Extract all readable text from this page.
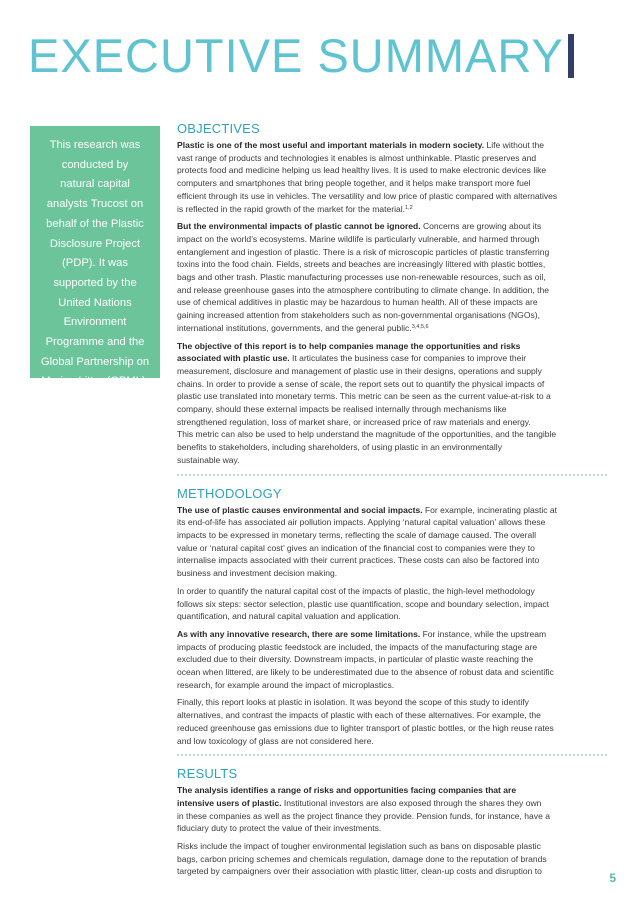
EXECUTIVE SUMMARY
This research was
conducted by
natural capital
analysts Trucost on
behalf of the Plastic
Disclosure Project
(PDP). It was
supported by the
United Nations
Environment
Programme and the
Global Partnership on
Marine Litter (GPML).
OBJECTIVES
Plastic is one of the most useful and important materials in modern society. Life without the
vast range of products and technologies it enables is almost unthinkable. Plastic preserves and
protects food and medicine helping us lead healthy lives. It is used to make electronic devices like
computers and smartphones that bring people together, and it helps make transport more fuel
efficient through its use in vehicles. The versatility and low price of plastic compared with alternatives
is reflected in the rapid growth of the market for the material.$^{1,2}$
But the environmental impacts of plastic cannot be ignored. Concerns are growing about its
impact on the world’s ecosystems. Marine wildlife is particularly vulnerable, and harmed through
entanglement and ingestion of plastic. There is a risk of microscopic particles of plastic transferring
toxins into the food chain. Fields, streets and beaches are increasingly littered with plastic bottles,
bags and other trash. Plastic manufacturing processes use non-renewable resources, such as oil,
and release greenhouse gases into the atmosphere contributing to climate change. In addition, the
use of chemical additives in plastic may be hazardous to human health. All of these impacts are
gaining increased attention from stakeholders such as non-governmental organisations (NGOs),
international institutions, governments, and the general public.$^{3,4,5,6}$
The objective of this report is to help companies manage the opportunities and risks
associated with plastic use. It articulates the business case for companies to improve their
measurement, disclosure and management of plastic use in their designs, operations and supply
chains. In order to provide a sense of scale, the report sets out to quantify the physical impacts of
plastic use translated into monetary terms. This metric can be seen as the current value-at-risk to a
company, should these external impacts be realised internally through mechanisms like
strengthened regulation, loss of market share, or increased price of raw materials and energy.
This metric can also be used to help understand the magnitude of the opportunities, and the tangible
benefits to stakeholders, including shareholders, of using plastic in an environmentally
sustainable way.
METHODOLOGY
The use of plastic causes environmental and social impacts. For example, incinerating plastic at
its end-of-life has associated air pollution impacts. Applying ‘natural capital valuation’ allows these
impacts to be expressed in monetary terms, reflecting the scale of damage caused. The overall
value or ‘natural capital cost’ gives an indication of the financial cost to companies were they to
internalise impacts associated with their current practices. These costs can also be factored into
business and investment decision making.
In order to quantify the natural capital cost of the impacts of plastic, the high-level methodology
follows six steps: sector selection, plastic use quantification, scope and boundary selection, impact
quantification, and natural capital valuation and application.
As with any innovative research, there are some limitations. For instance, while the upstream
impacts of producing plastic feedstock are included, the impacts of the manufacturing stage are
excluded due to their diversity. Downstream impacts, in particular of plastic waste reaching the
ocean when littered, are likely to be underestimated due to the absence of robust data and scientific
research, for example around the impact of microplastics.
Finally, this report looks at plastic in isolation. It was beyond the scope of this study to identify
alternatives, and contrast the impacts of plastic with each of these alternatives. For example, the
reduced greenhouse gas emissions due to lighter transport of plastic bottles, or the high reuse rates
and low toxicology of glass are not considered here.
RESULTS
The analysis identifies a range of risks and opportunities facing companies that are
intensive users of plastic. Institutional investors are also exposed through the shares they own
in these companies as well as the project finance they provide. Pension funds, for instance, have a
fiduciary duty to protect the value of their investments.
Risks include the impact of tougher environmental legislation such as bans on disposable plastic
bags, carbon pricing schemes and chemicals regulation, damage done to the reputation of brands
targeted by campaigners over their association with plastic litter, clean-up costs and disruption to	5
